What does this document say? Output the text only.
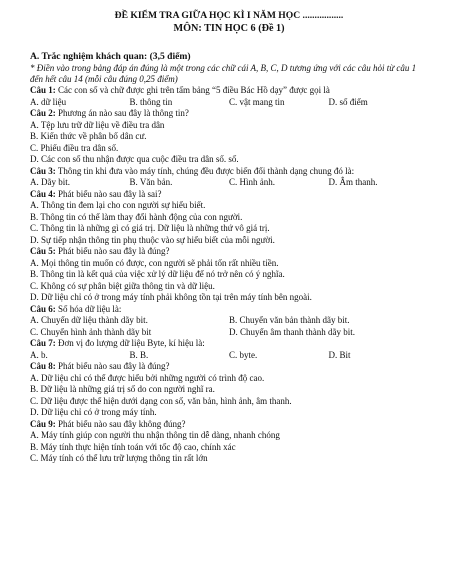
ĐỀ KIỂM TRA GIỮA HỌC KÌ I NĂM HỌC .................
MÔN: TIN HỌC 6 (Đề 1)
A. Trắc nghiệm khách quan: (3,5 điểm)
* Điền vào trong bảng đáp án đúng là một trong các chữ cái A, B, C, D tương ứng với các câu hỏi từ câu 1 đến hết câu 14 (mỗi câu đúng 0,25 điểm)
Câu 1: Các con số và chữ được ghi trên tấm bảng “5 điều Bác Hồ dạy” được gọi là
A. dữ liệu	B. thông tin	C. vật mang tin	D. số điểm
Câu 2: Phương án nào sau đây là thông tin?
A. Tệp lưu trữ dữ liệu về điều tra dân
B. Kiến thức về phân bố dân cư.
C. Phiếu điều tra dân số.
D. Các con số thu nhận được qua cuộc điều tra dân số. số.
Câu 3: Thông tin khi đưa vào máy tính, chúng đều được biến đổi thành dạng chung đó là:
A. Dãy bit.	B. Văn bản.	C. Hình ảnh.	D. Âm thanh.
Câu 4: Phát biểu nào sau đây là sai?
A. Thông tin đem lại cho con người sự hiểu biết.
B. Thông tin có thể làm thay đổi hành động của con người.
C. Thông tin là những gì có giá trị. Dữ liệu là những thứ vô giá trị.
D. Sự tiếp nhận thông tin phụ thuộc vào sự hiểu biết của mỗi người.
Câu 5: Phát biểu nào sau đây là đúng?
A. Mọi thông tin muốn có được, con người sẽ phải tốn rất nhiều tiền.
B. Thông tin là kết quả của việc xử lý dữ liệu để nó trở nên có ý nghĩa.
C. Không có sự phân biệt giữa thông tin và dữ liệu.
D. Dữ liệu chỉ có ở trong máy tính phải không tồn tại trên máy tính bên ngoài.
Câu 6: Số hóa dữ liệu là:
A. Chuyển dữ liệu thành dãy bit.	B. Chuyển văn bản thành dãy bit.
C. Chuyển hình ảnh thành dãy bit	D. Chuyển âm thanh thành dãy bit.
Câu 7: Đơn vị đo lượng dữ liệu Byte, kí hiệu là:
A. b.	B. B.	C. byte.	D. Bit
Câu 8: Phát biểu nào sau đây là đúng?
A. Dữ liệu chỉ có thể được hiểu bởi những người có trình độ cao.
B. Dữ liệu là những giá trị số do con người nghĩ ra.
C. Dữ liệu được thể hiện dưới dạng con số, văn bản, hình ảnh, âm thanh.
D. Dữ liệu chỉ có ở trong máy tính.
Câu 9: Phát biểu nào sau đây không đúng?
A. Máy tính giúp con người thu nhận thông tin dễ dàng, nhanh chóng
B. Máy tính thực hiện tính toán với tốc độ cao, chính xác
C. Máy tính có thể lưu trữ lượng thông tin rất lớn
